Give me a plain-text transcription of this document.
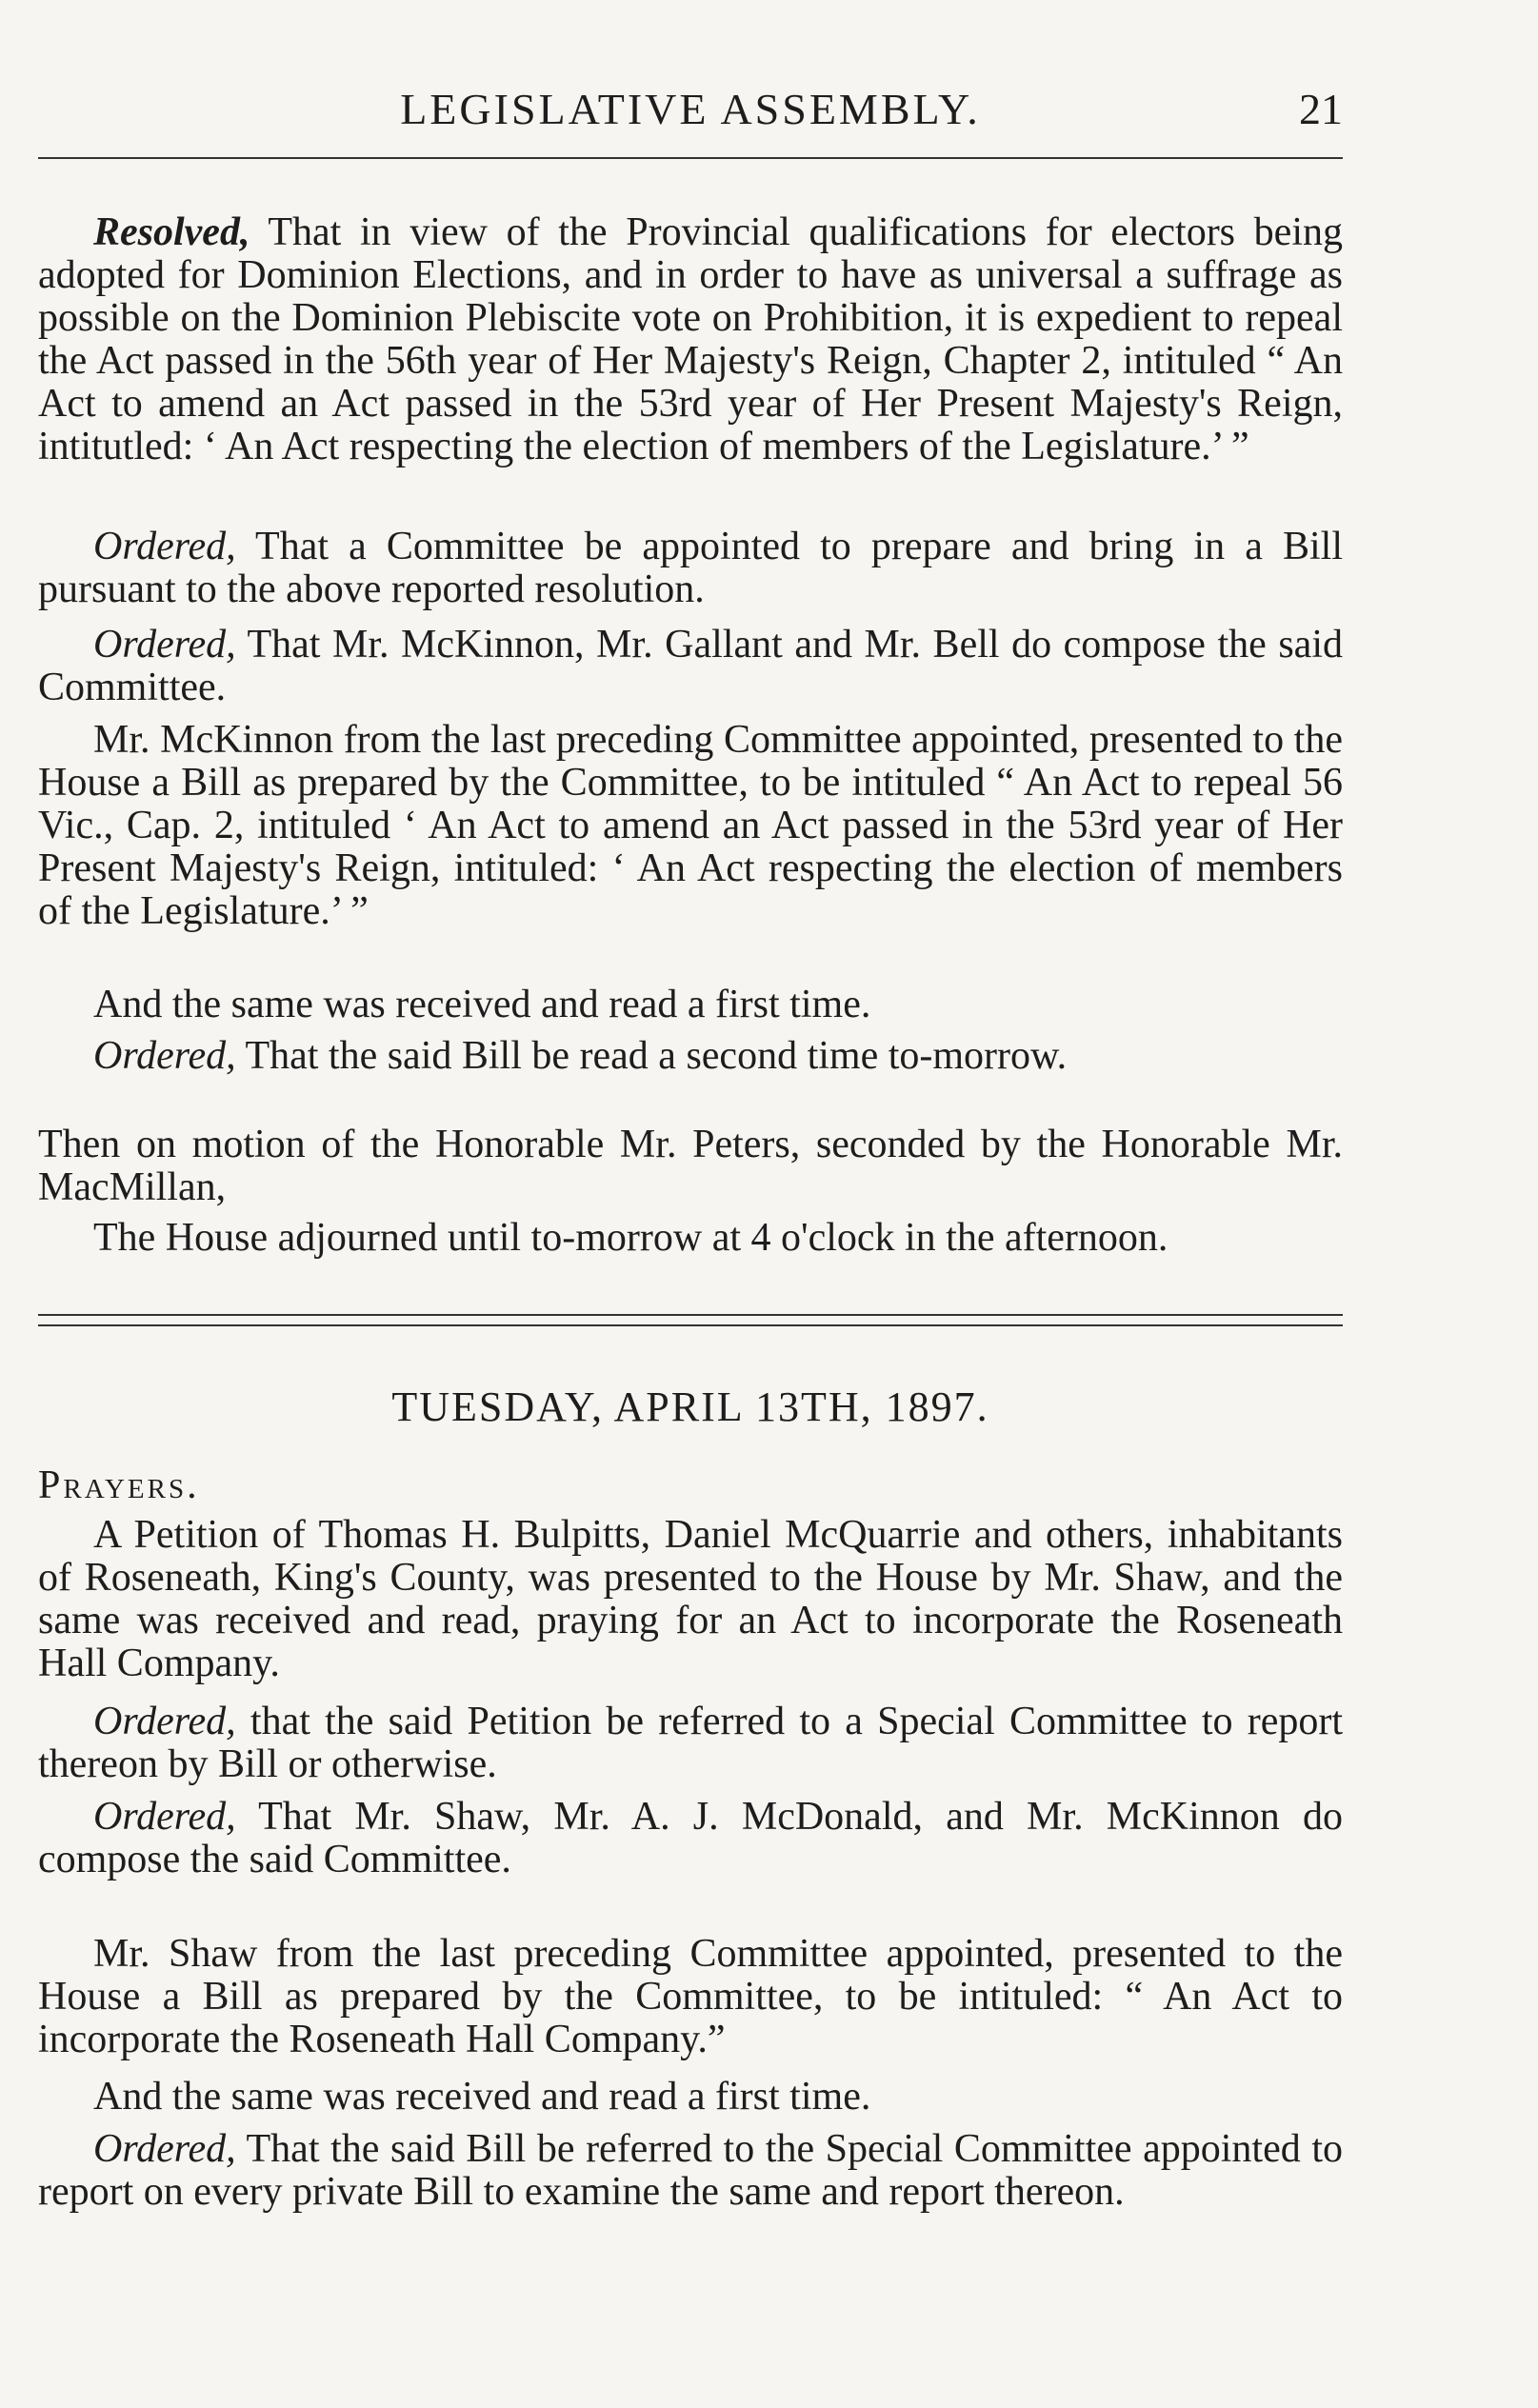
LEGISLATIVE ASSEMBLY.	21

Resolved, That in view of the Provincial qualifications for electors being adopted for Dominion Elections, and in order to have as universal a suffrage as possible on the Dominion Plebiscite vote on Prohibition, it is expedient to repeal the Act passed in the 56th year of Her Majesty's Reign, Chapter 2, intituled “ An Act to amend an Act passed in the 53rd year of Her Present Majesty's Reign, intitutled: ‘ An Act respecting the election of members of the Legislature.’ ”

Ordered, That a Committee be appointed to prepare and bring in a Bill pursuant to the above reported resolution.

Ordered, That Mr. McKinnon, Mr. Gallant and Mr. Bell do compose the said Committee.

Mr. McKinnon from the last preceding Committee appointed, presented to the House a Bill as prepared by the Committee, to be intituled “ An Act to repeal 56 Vic., Cap. 2, intituled ‘ An Act to amend an Act passed in the 53rd year of Her Present Majesty's Reign, intituled: ‘ An Act respecting the election of members of the Legislature.’ ”

And the same was received and read a first time.

Ordered, That the said Bill be read a second time to-morrow.

Then on motion of the Honorable Mr. Peters, seconded by the Honorable Mr. MacMillan,

The House adjourned until to-morrow at 4 o'clock in the afternoon.

TUESDAY, APRIL 13TH, 1897.

Prayers.

A Petition of Thomas H. Bulpitts, Daniel McQuarrie and others, inhabitants of Roseneath, King's County, was presented to the House by Mr. Shaw, and the same was received and read, praying for an Act to incorporate the Roseneath Hall Company.

Ordered, that the said Petition be referred to a Special Committee to report thereon by Bill or otherwise.

Ordered, That Mr. Shaw, Mr. A. J. McDonald, and Mr. McKinnon do compose the said Committee.

Mr. Shaw from the last preceding Committee appointed, presented to the House a Bill as prepared by the Committee, to be intituled: “ An Act to incorporate the Roseneath Hall Company.”

And the same was received and read a first time.

Ordered, That the said Bill be referred to the Special Committee appointed to report on every private Bill to examine the same and report thereon.
